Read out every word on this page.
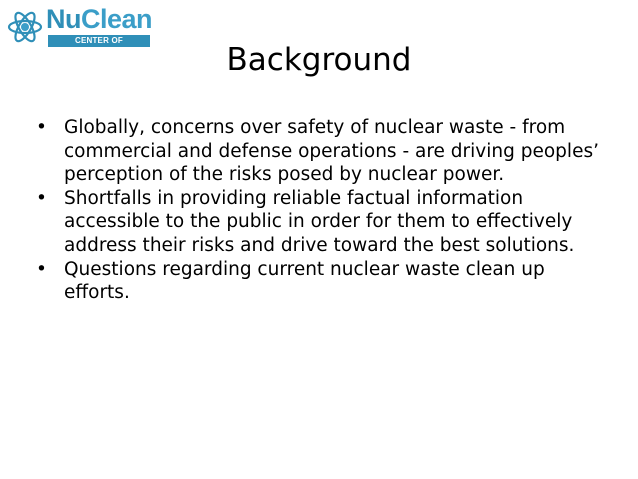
NuClean
CENTER OF EXCELLENCE	Background
• Globally, concerns over safety of nuclear waste - from commercial and defense operations - are driving peoples’ perception of the risks posed by nuclear power.
• Shortfalls in providing reliable factual information accessible to the public in order for them to effectively address their risks and drive toward the best solutions.
• Questions regarding current nuclear waste clean up efforts.
